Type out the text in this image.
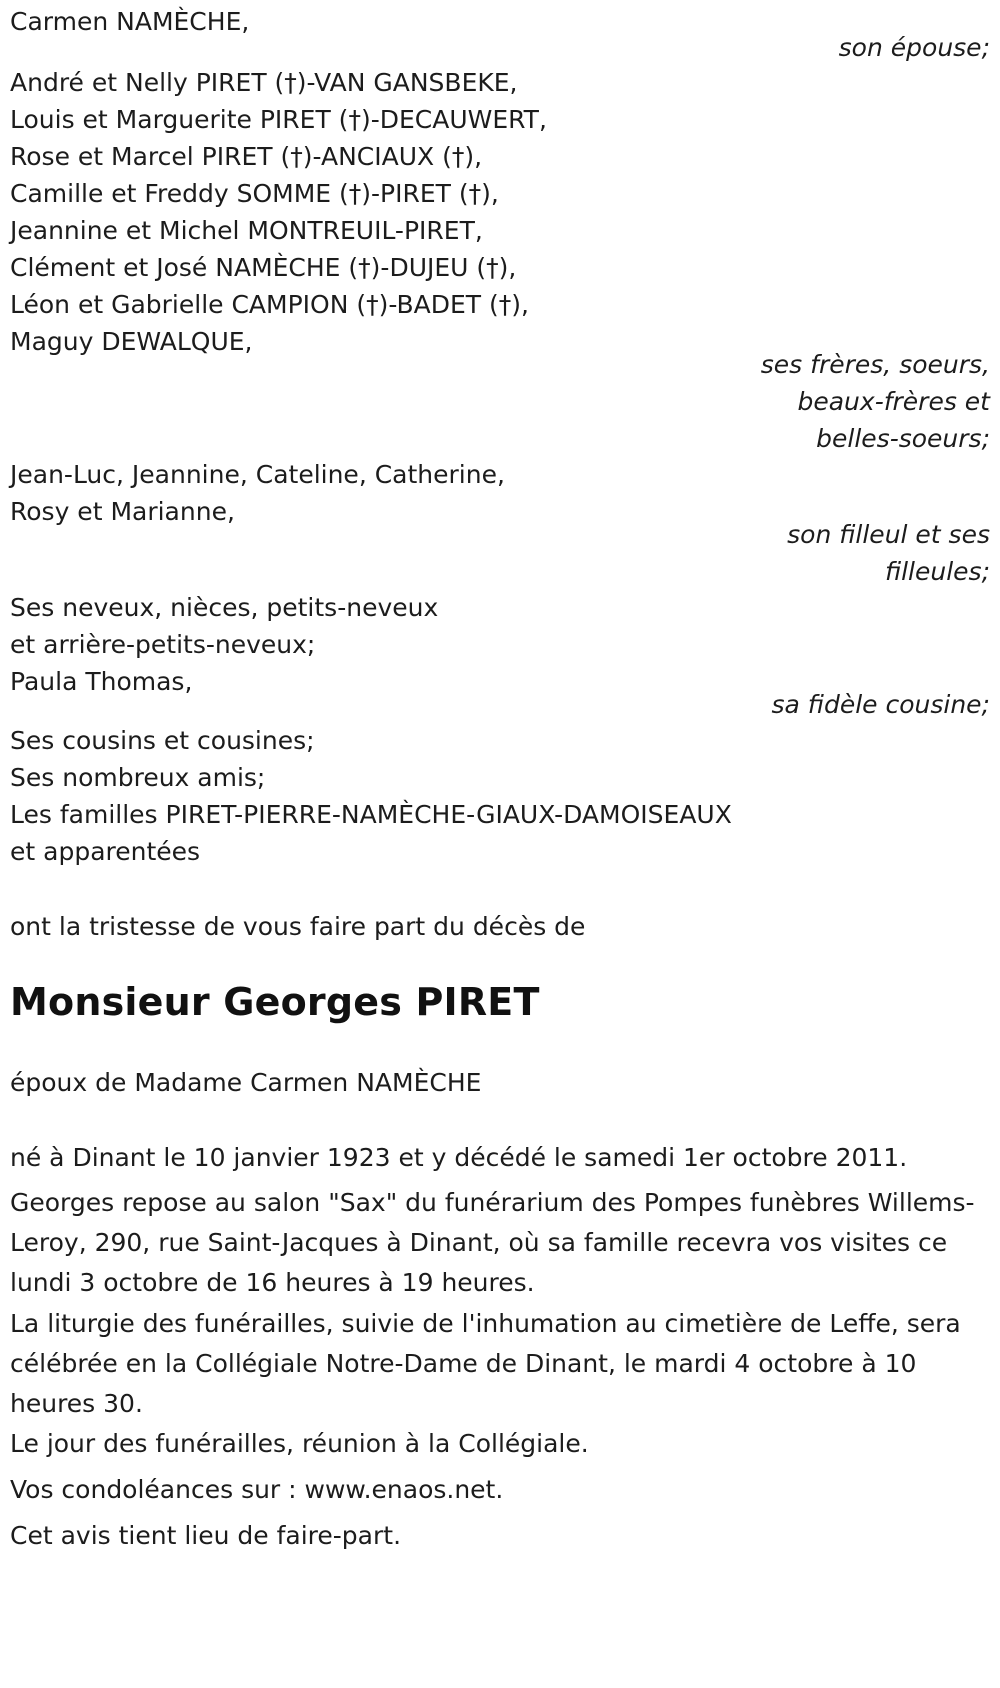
Carmen NAMÈCHE,
son épouse;
André et Nelly PIRET (†)-VAN GANSBEKE,
Louis et Marguerite PIRET (†)-DECAUWERT,
Rose et Marcel PIRET (†)-ANCIAUX (†),
Camille et Freddy SOMME (†)-PIRET (†),
Jeannine et Michel MONTREUIL-PIRET,
Clément et José NAMÈCHE (†)-DUJEU (†),
Léon et Gabrielle CAMPION (†)-BADET (†),
Maguy DEWALQUE,
ses frères, soeurs,
beaux-frères et
belles-soeurs;
Jean-Luc, Jeannine, Cateline, Catherine,
Rosy et Marianne,
son filleul et ses
filleules;
Ses neveux, nièces, petits-neveux
et arrière-petits-neveux;
Paula Thomas,
sa fidèle cousine;
Ses cousins et cousines;
Ses nombreux amis;
Les familles PIRET-PIERRE-NAMÈCHE-GIAUX-DAMOISEAUX
et apparentées
ont la tristesse de vous faire part du décès de
Monsieur Georges PIRET
époux de Madame Carmen NAMÈCHE
né à Dinant le 10 janvier 1923 et y décédé le samedi 1er octobre 2011.
Georges repose au salon "Sax" du funérarium des Pompes funèbres Willems-Leroy, 290, rue Saint-Jacques à Dinant, où sa famille recevra vos visites ce lundi 3 octobre de 16 heures à 19 heures.
La liturgie des funérailles, suivie de l'inhumation au cimetière de Leffe, sera célébrée en la Collégiale Notre-Dame de Dinant, le mardi 4 octobre à 10 heures 30.
Le jour des funérailles, réunion à la Collégiale.
Vos condoléances sur : www.enaos.net.
Cet avis tient lieu de faire-part.
